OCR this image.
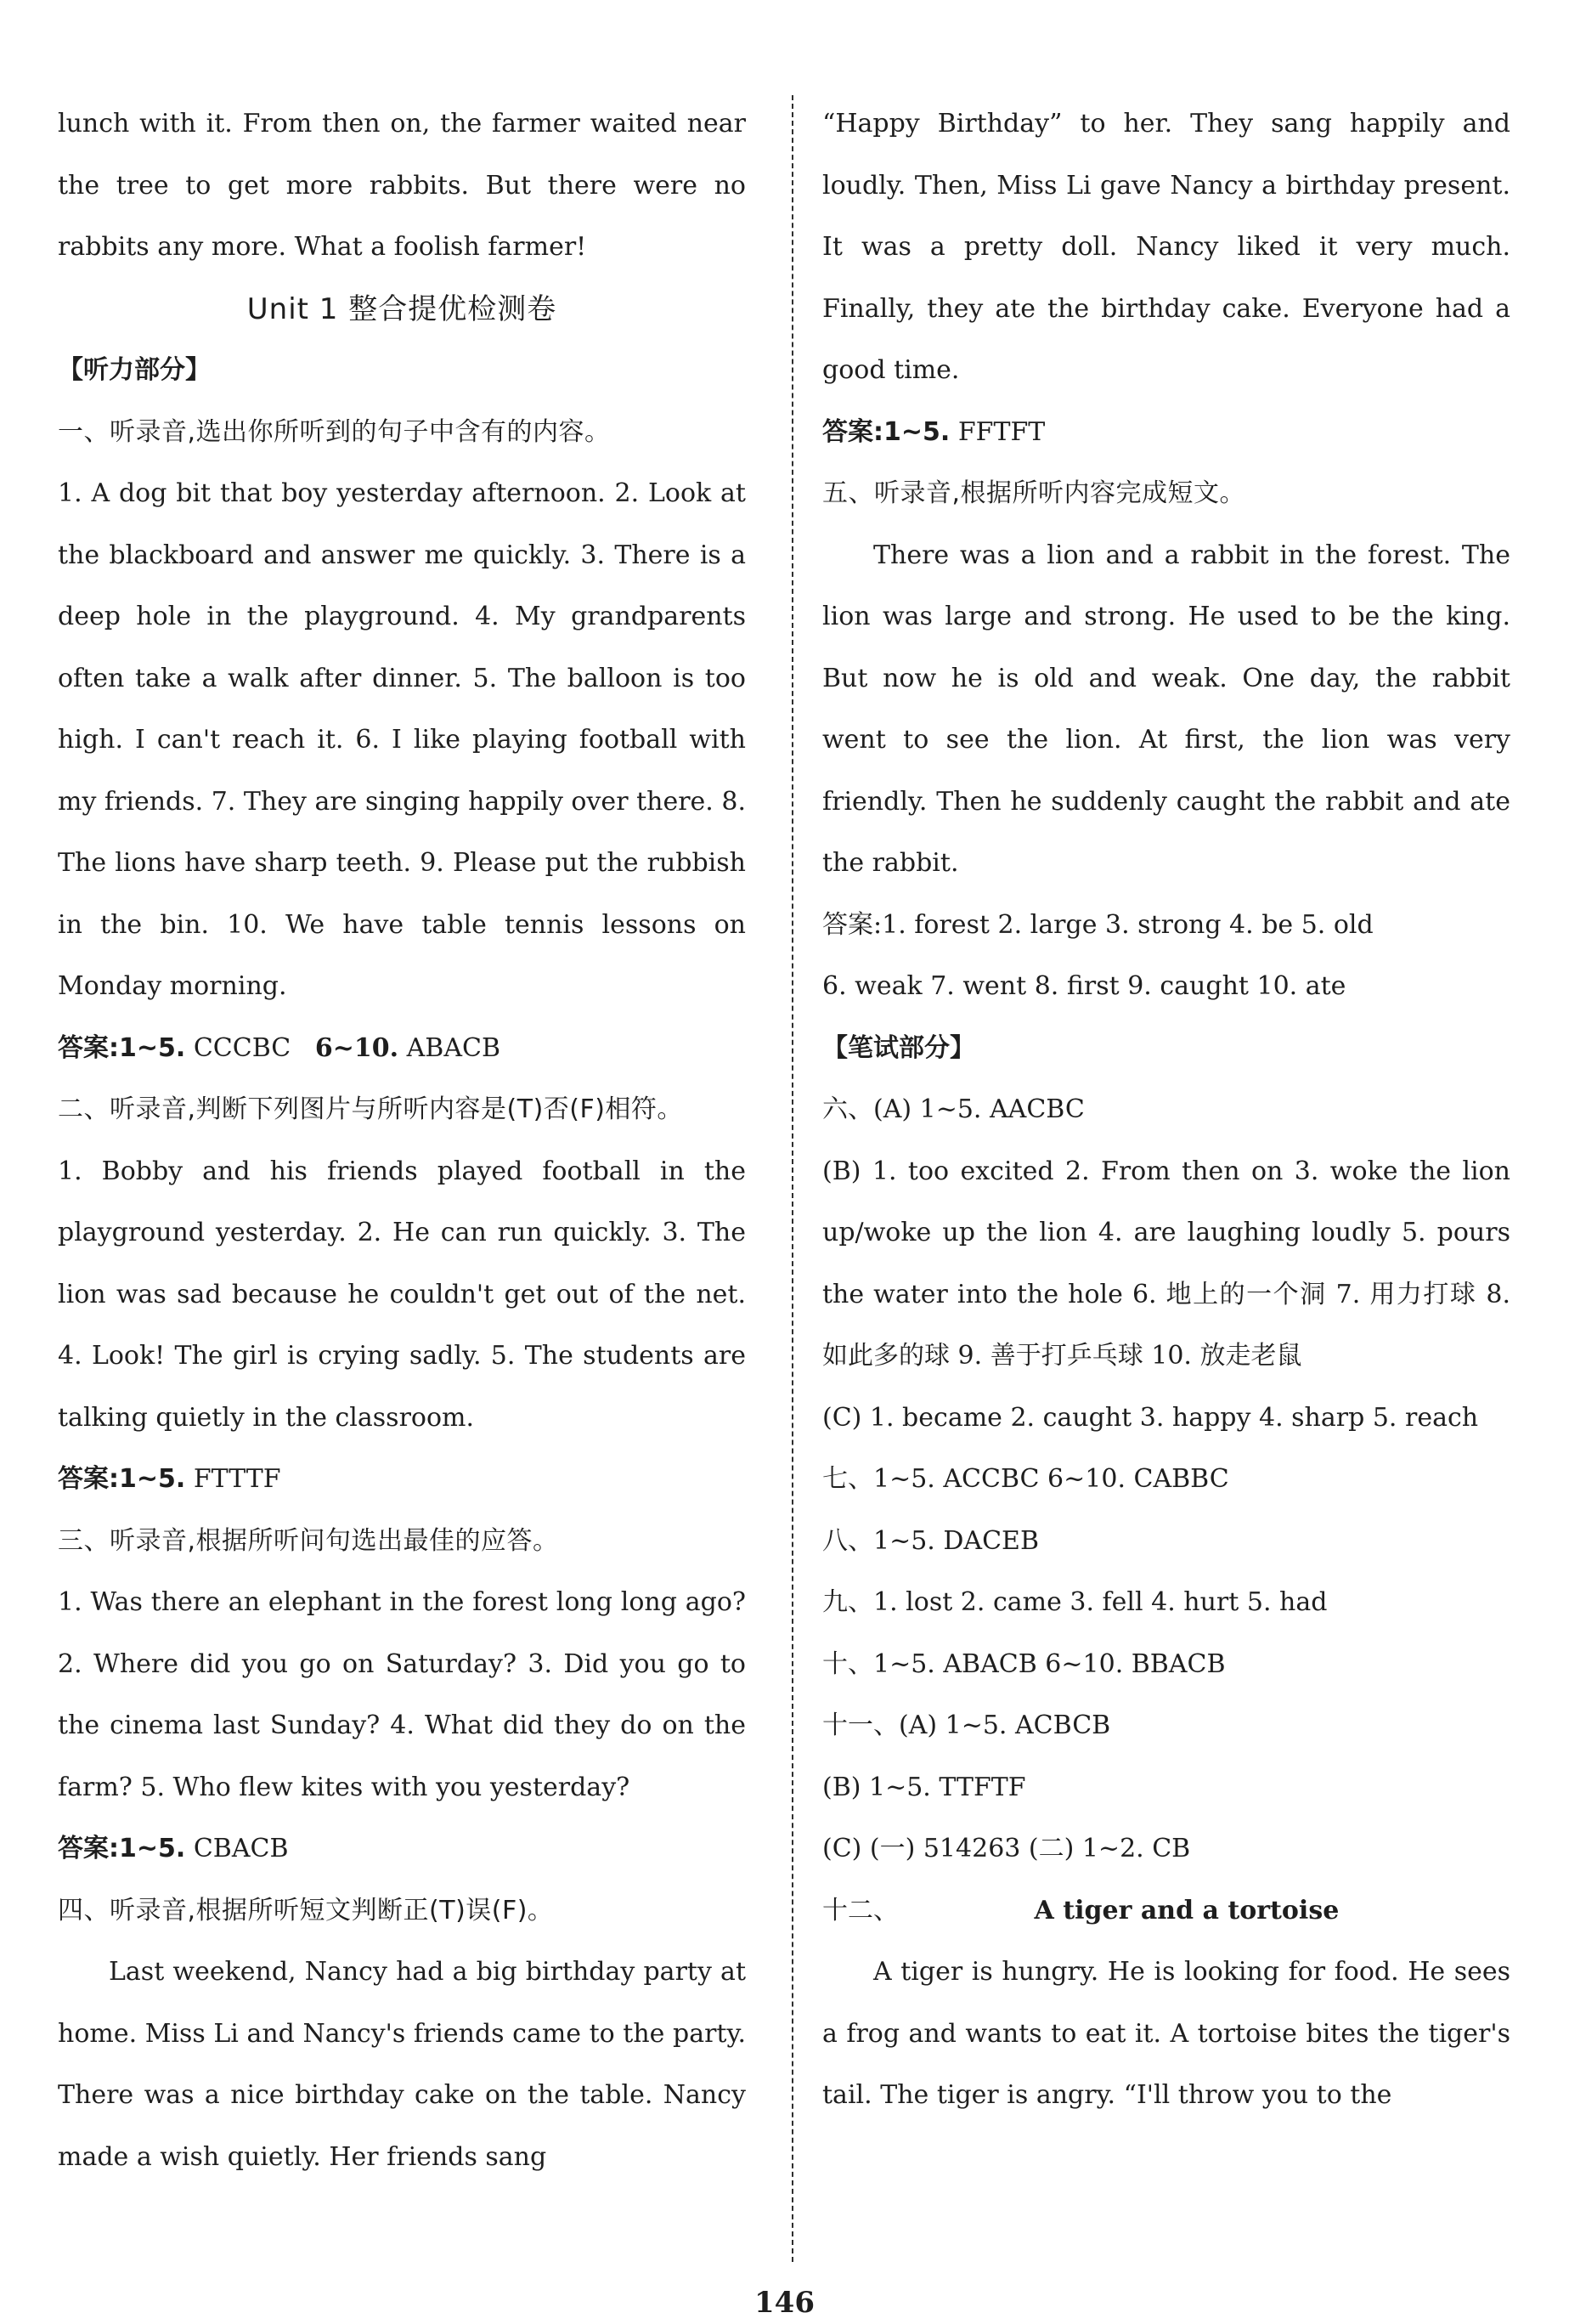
lunch with it. From then on, the farmer waited near the tree to get more rabbits. But there were no rabbits any more. What a foolish farmer!

Unit 1 整合提优检测卷

【听力部分】

一、听录音,选出你所听到的句子中含有的内容。

1. A dog bit that boy yesterday afternoon. 2. Look at the blackboard and answer me quickly. 3. There is a deep hole in the playground. 4. My grandparents often take a walk after dinner. 5. The balloon is too high. I can't reach it. 6. I like playing football with my friends. 7. They are singing happily over there. 8. The lions have sharp teeth. 9. Please put the rubbish in the bin. 10. We have table tennis lessons on Monday morning.

答案:1~5. CCCBC 6~10. ABACB

二、听录音,判断下列图片与所听内容是(T)否(F)相符。

1. Bobby and his friends played football in the playground yesterday. 2. He can run quickly. 3. The lion was sad because he couldn't get out of the net. 4. Look! The girl is crying sadly. 5. The students are talking quietly in the classroom.

答案:1~5. FTTTF

三、听录音,根据所听问句选出最佳的应答。

1. Was there an elephant in the forest long long ago? 2. Where did you go on Saturday? 3. Did you go to the cinema last Sunday? 4. What did they do on the farm? 5. Who flew kites with you yesterday?

答案:1~5. CBACB

四、听录音,根据所听短文判断正(T)误(F)。

Last weekend, Nancy had a big birthday party at home. Miss Li and Nancy's friends came to the party. There was a nice birthday cake on the table. Nancy made a wish quietly. Her friends sang

“Happy Birthday” to her. They sang happily and loudly. Then, Miss Li gave Nancy a birthday present. It was a pretty doll. Nancy liked it very much. Finally, they ate the birthday cake. Everyone had a good time.

答案:1~5. FFTFT

五、听录音,根据所听内容完成短文。

There was a lion and a rabbit in the forest. The lion was large and strong. He used to be the king. But now he is old and weak. One day, the rabbit went to see the lion. At first, the lion was very friendly. Then he suddenly caught the rabbit and ate the rabbit.

答案:1. forest 2. large 3. strong 4. be 5. old

6. weak 7. went 8. first 9. caught 10. ate

【笔试部分】

六、(A) 1~5. AACBC

(B) 1. too excited 2. From then on 3. woke the lion up/woke up the lion 4. are laughing loudly 5. pours the water into the hole 6. 地上的一个洞 7. 用力打球 8. 如此多的球 9. 善于打乒乓球 10. 放走老鼠

(C) 1. became 2. caught 3. happy 4. sharp 5. reach

七、1~5. ACCBC 6~10. CABBC

八、1~5. DACEB

九、1. lost 2. came 3. fell 4. hurt 5. had

十、1~5. ABACB 6~10. BBACB

十一、(A) 1~5. ACBCB

(B) 1~5. TTFTF

(C) (一) 514263 (二) 1~2. CB

十二、	A tiger and a tortoise

A tiger is hungry. He is looking for food. He sees a frog and wants to eat it. A tortoise bites the tiger's tail. The tiger is angry. “I'll throw you to the

146
